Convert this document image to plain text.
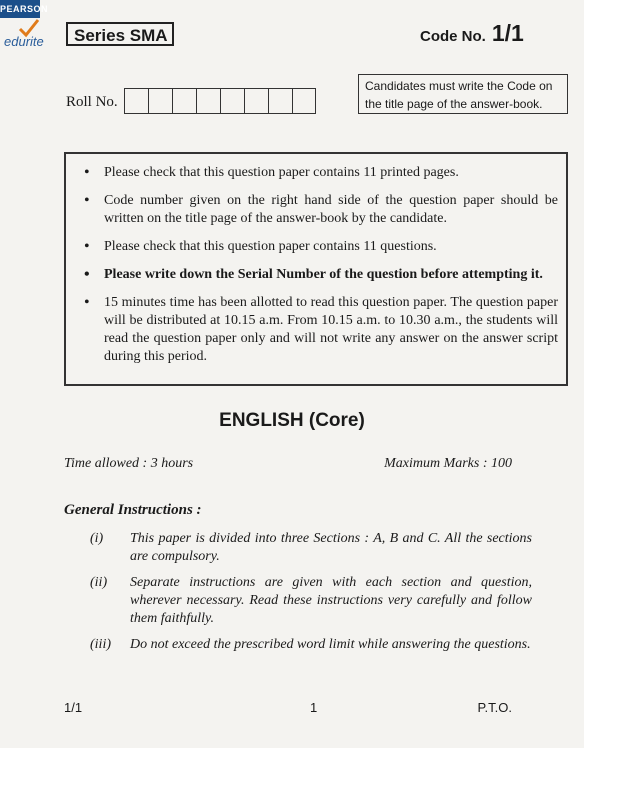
PEARSON
edurite	Series SMA	Code No. 1/1
Roll No.
Candidates must write the Code on the title page of the answer-book.
• Please check that this question paper contains 11 printed pages.
• Code number given on the right hand side of the question paper should be written on the title page of the answer-book by the candidate.
• Please check that this question paper contains 11 questions.
• Please write down the Serial Number of the question before attempting it.
• 15 minutes time has been allotted to read this question paper. The question paper will be distributed at 10.15 a.m. From 10.15 a.m. to 10.30 a.m., the students will read the question paper only and will not write any answer on the answer script during this period.
ENGLISH (Core)
Time allowed : 3 hours	Maximum Marks : 100
General Instructions :
(i)	This paper is divided into three Sections : A, B and C. All the sections are compulsory.
(ii)	Separate instructions are given with each section and question, wherever necessary. Read these instructions very carefully and follow them faithfully.
(iii)	Do not exceed the prescribed word limit while answering the questions.
1/1	1	P.T.O.
